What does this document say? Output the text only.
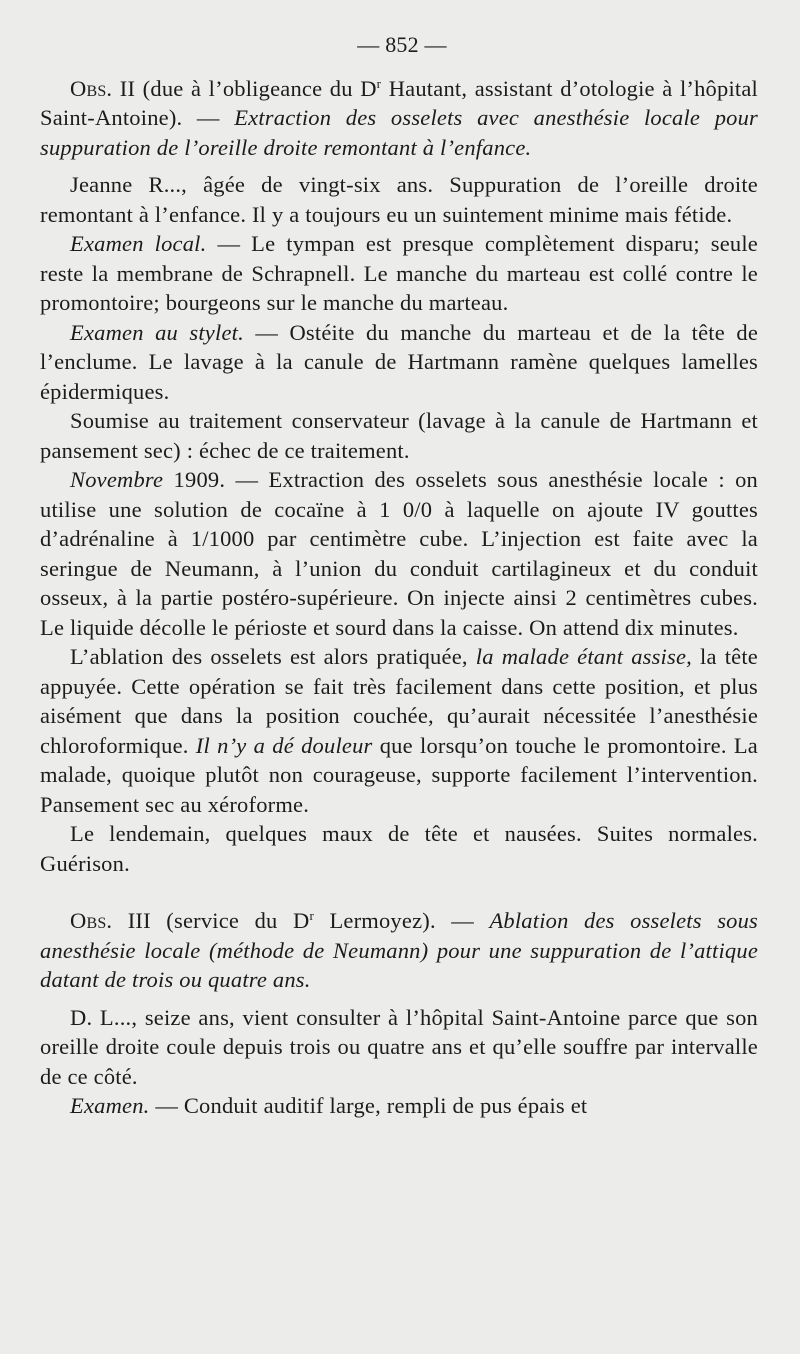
— 852 —

Obs. II (due à l’obligeance du $D^r$ Hautant, assistant d’otologie à l’hôpital Saint-Antoine). — Extraction des osselets avec anesthésie locale pour suppuration de l’oreille droite remontant à l’enfance.

Jeanne R..., âgée de vingt-six ans. Suppuration de l’oreille droite remontant à l’enfance. Il y a toujours eu un suintement minime mais fétide.

Examen local. — Le tympan est presque complètement disparu; seule reste la membrane de Schrapnell. Le manche du marteau est collé contre le promontoire; bourgeons sur le manche du marteau.

Examen au stylet. — Ostéite du manche du marteau et de la tête de l’enclume. Le lavage à la canule de Hartmann ramène quelques lamelles épidermiques.

Soumise au traitement conservateur (lavage à la canule de Hartmann et pansement sec) : échec de ce traitement.

Novembre 1909. — Extraction des osselets sous anesthésie locale : on utilise une solution de cocaïne à 1 0/0 à laquelle on ajoute IV gouttes d’adrénaline à 1/1000 par centimètre cube. L’injection est faite avec la seringue de Neumann, à l’union du conduit cartilagineux et du conduit osseux, à la partie postéro-supérieure. On injecte ainsi 2 centimètres cubes. Le liquide décolle le périoste et sourd dans la caisse. On attend dix minutes.

L’ablation des osselets est alors pratiquée, la malade étant assise, la tête appuyée. Cette opération se fait très facilement dans cette position, et plus aisément que dans la position couchée, qu’aurait nécessitée l’anesthésie chloroformique. Il n’y a dé douleur que lorsqu’on touche le promontoire. La malade, quoique plutôt non courageuse, supporte facilement l’intervention. Pansement sec au xéroforme.

Le lendemain, quelques maux de tête et nausées. Suites normales. Guérison.

Obs. III (service du $D^r$ Lermoyez). — Ablation des osselets sous anesthésie locale (méthode de Neumann) pour une suppuration de l’attique datant de trois ou quatre ans.

D. L..., seize ans, vient consulter à l’hôpital Saint-Antoine parce que son oreille droite coule depuis trois ou quatre ans et qu’elle souffre par intervalle de ce côté.

Examen. — Conduit auditif large, rempli de pus épais et
